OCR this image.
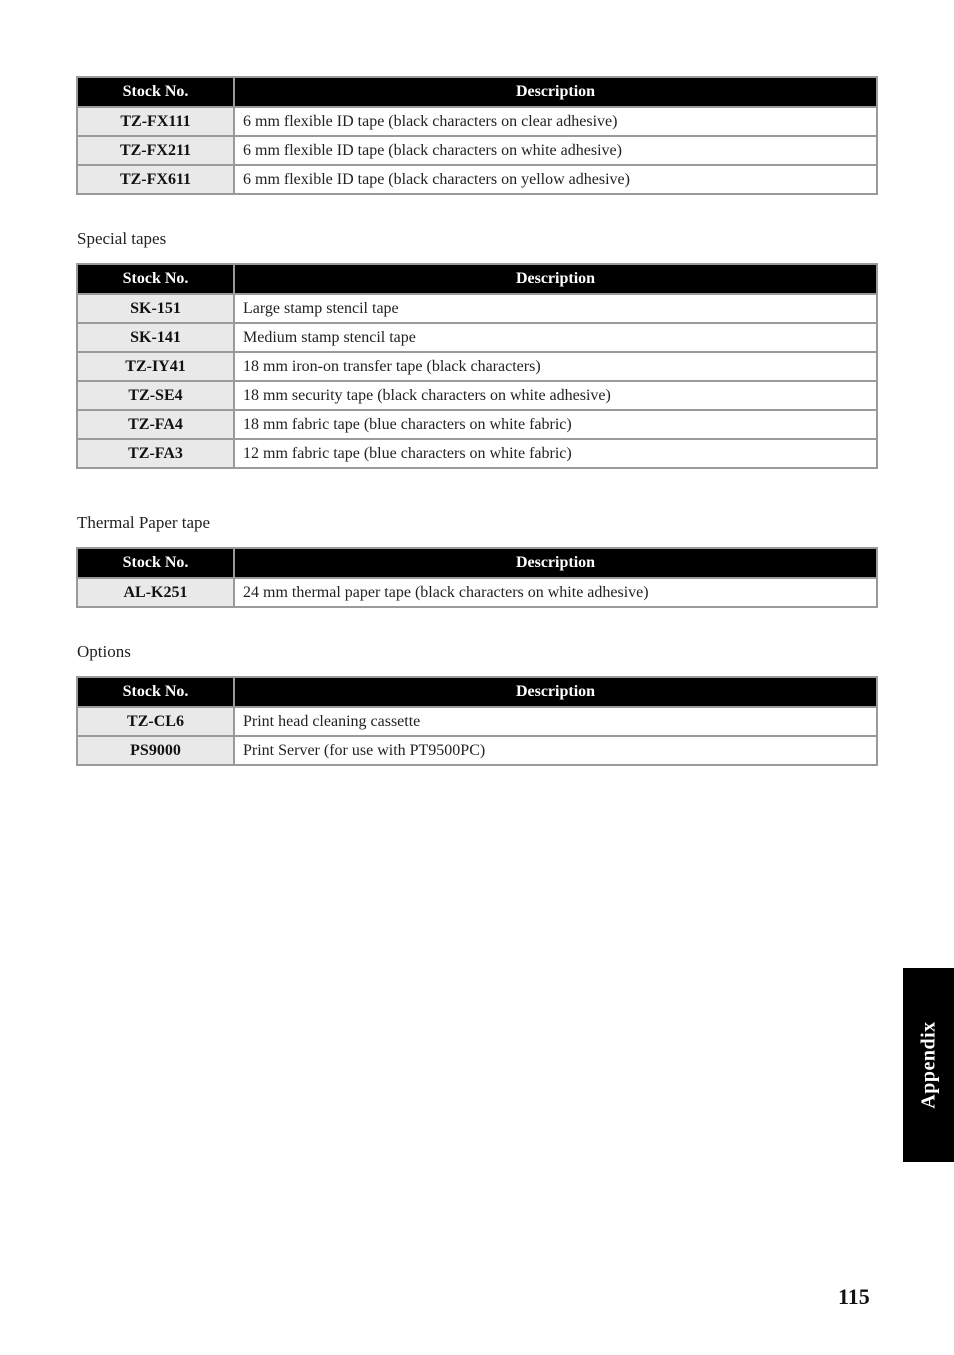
Stock No.	Description
TZ-FX111	6 mm flexible ID tape (black characters on clear adhesive)
TZ-FX211	6 mm flexible ID tape (black characters on white adhesive)
TZ-FX611	6 mm flexible ID tape (black characters on yellow adhesive)
Special tapes
Stock No.	Description
SK-151	Large stamp stencil tape
SK-141	Medium stamp stencil tape
TZ-IY41	18 mm iron-on transfer tape (black characters)
TZ-SE4	18 mm security tape (black characters on white adhesive)
TZ-FA4	18 mm fabric tape (blue characters on white fabric)
TZ-FA3	12 mm fabric tape (blue characters on white fabric)
Thermal Paper tape
Stock No.	Description
AL-K251	24 mm thermal paper tape (black characters on white adhesive)
Options
Stock No.	Description
TZ-CL6	Print head cleaning cassette
PS9000	Print Server (for use with PT9500PC)
Appendix
115
